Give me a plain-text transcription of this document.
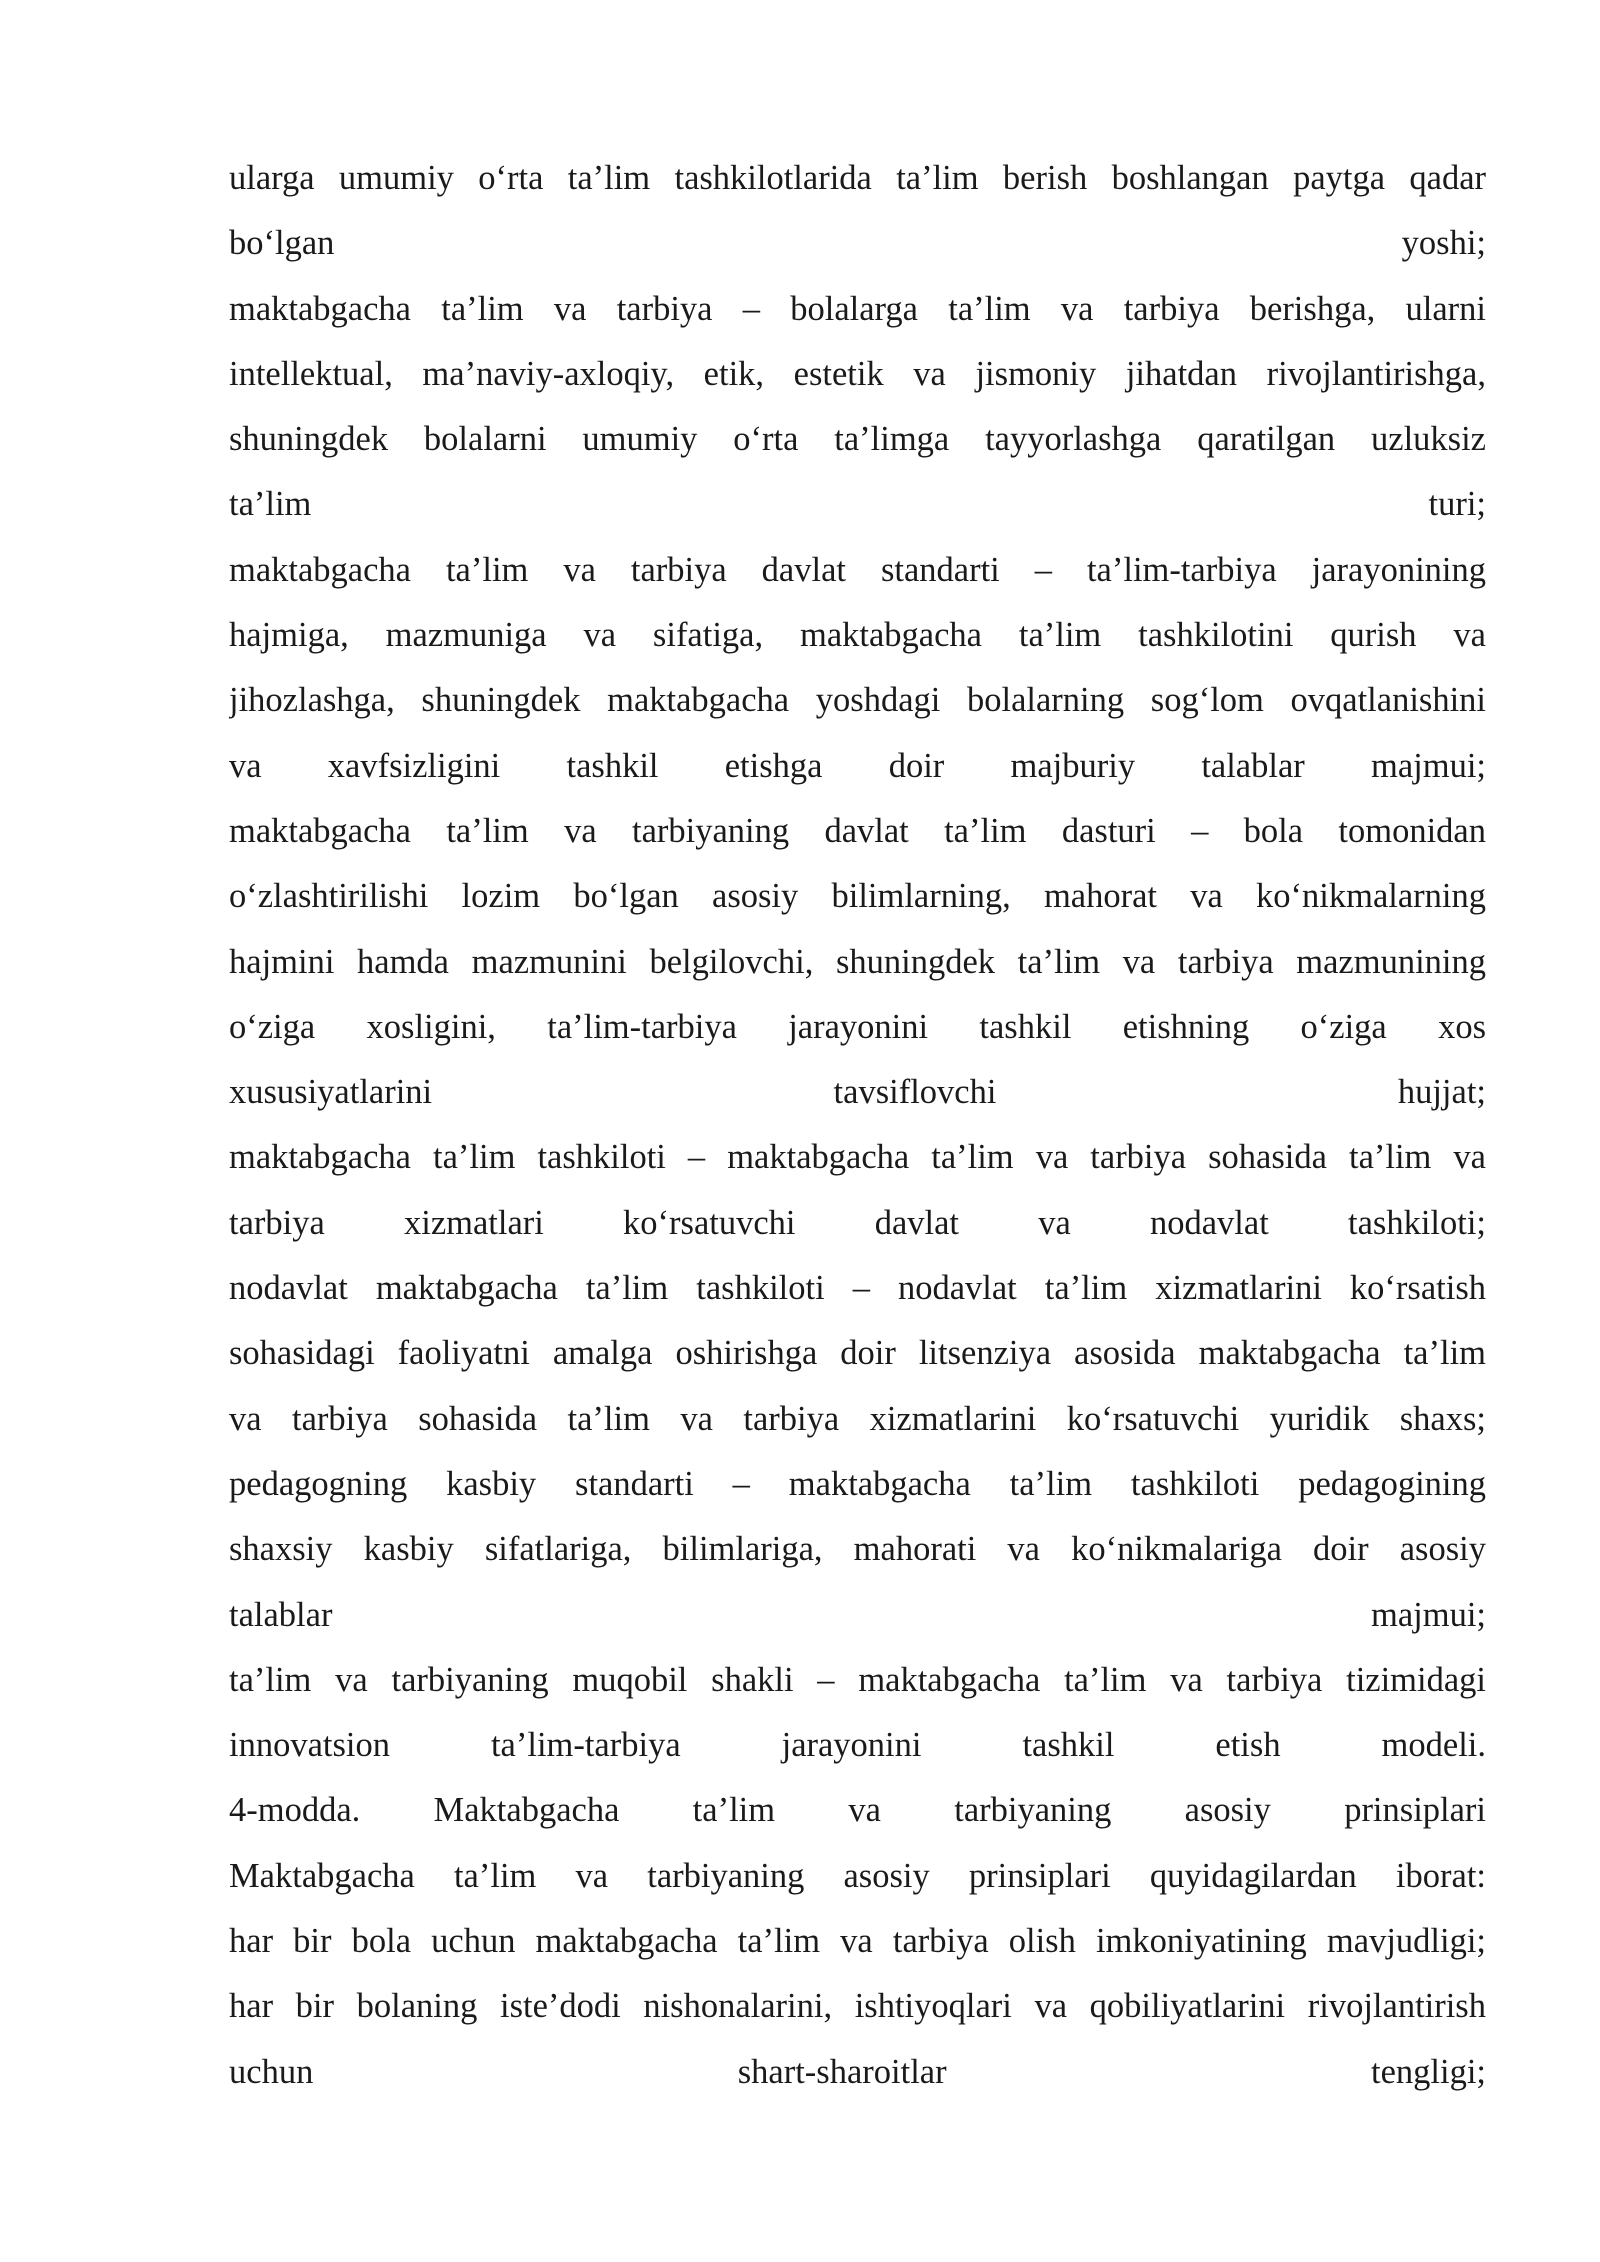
ularga umumiy o‘rta ta’lim tashkilotlarida ta’lim berish boshlangan paytga qadar
bo‘lgan yoshi;
maktabgacha ta’lim va tarbiya – bolalarga ta’lim va tarbiya berishga, ularni
intellektual, ma’naviy-axloqiy, etik, estetik va jismoniy jihatdan rivojlantirishga,
shuningdek bolalarni umumiy o‘rta ta’limga tayyorlashga qaratilgan uzluksiz
ta’lim turi;
maktabgacha ta’lim va tarbiya davlat standarti – ta’lim-tarbiya jarayonining
hajmiga, mazmuniga va sifatiga, maktabgacha ta’lim tashkilotini qurish va
jihozlashga, shuningdek maktabgacha yoshdagi bolalarning sog‘lom ovqatlanishini
va xavfsizligini tashkil etishga doir majburiy talablar majmui;
maktabgacha ta’lim va tarbiyaning davlat ta’lim dasturi – bola tomonidan
o‘zlashtirilishi lozim bo‘lgan asosiy bilimlarning, mahorat va ko‘nikmalarning
hajmini hamda mazmunini belgilovchi, shuningdek ta’lim va tarbiya mazmunining
o‘ziga xosligini, ta’lim-tarbiya jarayonini tashkil etishning o‘ziga xos
xususiyatlarini tavsiflovchi hujjat;
maktabgacha ta’lim tashkiloti – maktabgacha ta’lim va tarbiya sohasida ta’lim va
tarbiya xizmatlari ko‘rsatuvchi davlat va nodavlat tashkiloti;
nodavlat maktabgacha ta’lim tashkiloti – nodavlat ta’lim xizmatlarini ko‘rsatish
sohasidagi faoliyatni amalga oshirishga doir litsenziya asosida maktabgacha ta’lim
va tarbiya sohasida ta’lim va tarbiya xizmatlarini ko‘rsatuvchi yuridik shaxs;
pedagogning kasbiy standarti – maktabgacha ta’lim tashkiloti pedagogining
shaxsiy kasbiy sifatlariga, bilimlariga, mahorati va ko‘nikmalariga doir asosiy
talablar majmui;
ta’lim va tarbiyaning muqobil shakli – maktabgacha ta’lim va tarbiya tizimidagi
innovatsion ta’lim-tarbiya jarayonini tashkil etish modeli.
4-modda. Maktabgacha ta’lim va tarbiyaning asosiy prinsiplari
Maktabgacha ta’lim va tarbiyaning asosiy prinsiplari quyidagilardan iborat:
har bir bola uchun maktabgacha ta’lim va tarbiya olish imkoniyatining mavjudligi;
har bir bolaning iste’dodi nishonalarini, ishtiyoqlari va qobiliyatlarini rivojlantirish
uchun shart-sharoitlar tengligi;
